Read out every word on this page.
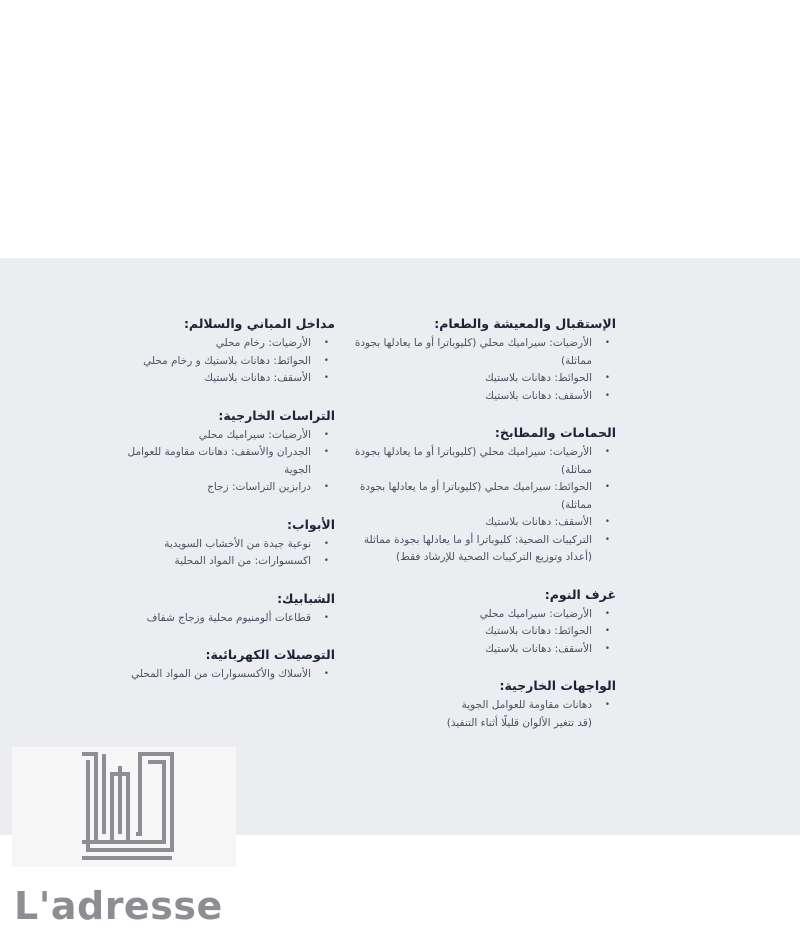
الإستقبال والمعيشة والطعام:
• الأرضيات: سيراميك محلي (كليوباترا أو ما يعادلها بجودة مماثلة)
• الحوائط: دهانات بلاستيك
• الأسقف: دهانات بلاستيك
الحمامات والمطابخ:
• الأرضيات: سيراميك محلي (كليوباترا أو ما يعادلها بجودة مماثلة)
• الحوائط: سيراميك محلي (كليوباترا أو ما يعادلها بجودة مماثلة)
• الأسقف: دهانات بلاستيك
• التركيبات الصحية: كليوباترا أو ما يعادلها بجودة مماثلة
(أعداد وتوزيع التركيبات الصحية للإرشاد فقط)
غرف النوم:
• الأرضيات: سيراميك محلي
• الحوائط: دهانات بلاستيك
• الأسقف: دهانات بلاستيك
الواجهات الخارجية:
• دهانات مقاومة للعوامل الجوية
(قد تتغير الألوان قليلًا أثناء التنفيذ)
مداخل المباني والسلالم:
• الأرضيات: رخام محلي
• الحوائط: دهانات بلاستيك و رخام محلي
• الأسقف: دهانات بلاستيك
التراسات الخارجية:
• الأرضيات: سيراميك محلي
• الجدران والأسقف: دهانات مقاومة للعوامل الجوية
• درابزين التراسات: زجاج
الأبواب:
• نوعية جيدة من الأخشاب السويدية
• اكسسوارات: من المواد المحلية
الشبابيك:
• قطاعات ألومنيوم محلية وزجاج شفاف
التوصيلات الكهربائية:
• الأسلاك والأكسسوارات من المواد المحلي
L'adresse
